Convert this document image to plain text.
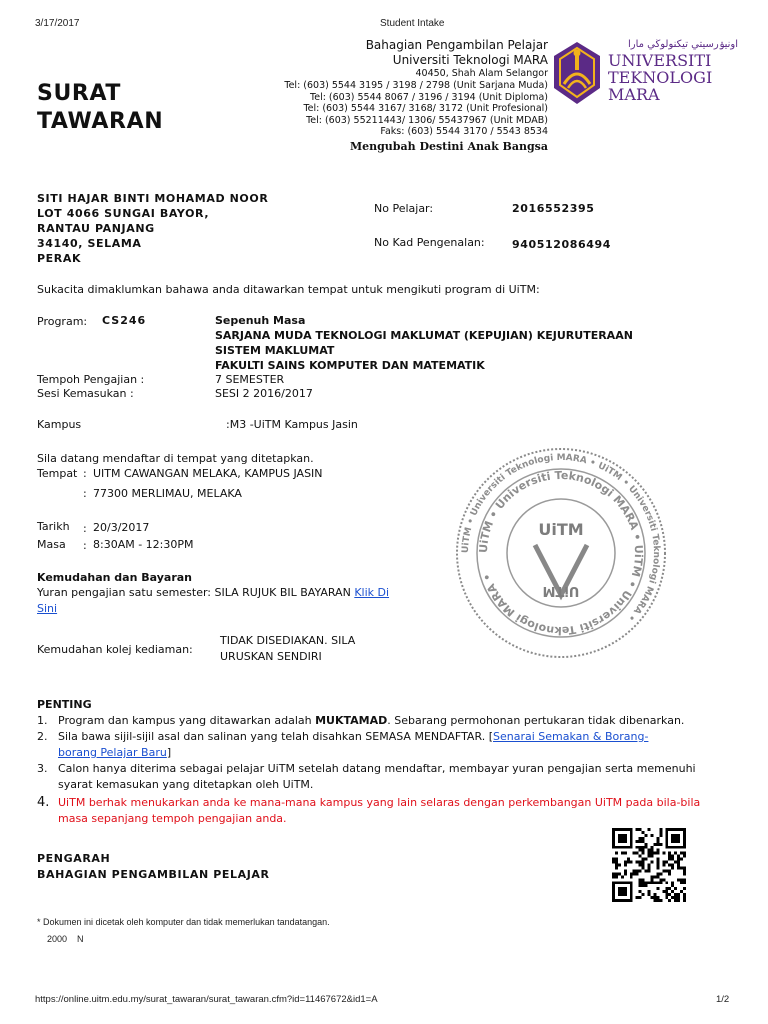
3/17/2017	Student Intake
SURAT
TAWARAN
Bahagian Pengambilan Pelajar
Universiti Teknologi MARA
40450, Shah Alam Selangor
Tel: (603) 5544 3195 / 3198 / 2798 (Unit Sarjana Muda)
Tel: (603) 5544 8067 / 3196 / 3194 (Unit Diploma)
Tel: (603) 5544 3167/ 3168/ 3172 (Unit Profesional)
Tel: (603) 55211443/ 1306/ 55437967 (Unit MDAB)
Faks: (603) 5544 3170 / 5543 8534
Mengubah Destini Anak Bangsa
اونيۏرسيتي تيكنولوڬي مارا
UNIVERSITI
TEKNOLOGI
MARA
SITI HAJAR BINTI MOHAMAD NOOR
LOT 4066 SUNGAI BAYOR,
RANTAU PANJANG
34140, SELAMA
PERAK
No Pelajar:	2016552395
No Kad Pengenalan: 940512086494
Sukacita dimaklumkan bahawa anda ditawarkan tempat untuk mengikuti program di UiTM:
Program: CS246	Sepenuh Masa
SARJANA MUDA TEKNOLOGI MAKLUMAT (KEPUJIAN) KEJURUTERAAN
SISTEM MAKLUMAT
FAKULTI SAINS KOMPUTER DAN MATEMATIK
Tempoh Pengajian :	7 SEMESTER
Sesi Kemasukan :	SESI 2 2016/2017
Kampus	:M3 -UiTM Kampus Jasin
Sila datang mendaftar di tempat yang ditetapkan.
Tempat : UITM CAWANGAN MELAKA, KAMPUS JASIN
: 77300 MERLIMAU, MELAKA
Tarikh : 20/3/2017
Masa : 8:30AM - 12:30PM
Kemudahan dan Bayaran
Yuran pengajian satu semester: SILA RUJUK BIL BAYARAN Klik Di Sini
Kemudahan kolej kediaman:
TIDAK DISEDIAKAN. SILA
URUSKAN SENDIRI
UiTM • Universiti Teknologi MARA • UiTM • Universiti Teknologi MARA •
UiTM • Universiti Teknologi MARA • UiTM • Universiti Teknologi MARA •
UiTM
UiTM
PENTING
1. Program dan kampus yang ditawarkan adalah MUKTAMAD. Sebarang permohonan pertukaran tidak dibenarkan.
2. Sila bawa sijil-sijil asal dan salinan yang telah disahkan SEMASA MENDAFTAR. [Senarai Semakan & Borang-borang Pelajar Baru]
3. Calon hanya diterima sebagai pelajar UiTM setelah datang mendaftar, membayar yuran pengajian serta memenuhi syarat kemasukan yang ditetapkan oleh UiTM.
4. UiTM berhak menukarkan anda ke mana-mana kampus yang lain selaras dengan perkembangan UiTM pada bila-bila masa sepanjang tempoh pengajian anda.
PENGARAH
BAHAGIAN PENGAMBILAN PELAJAR
* Dokumen ini dicetak oleh komputer dan tidak memerlukan tandatangan.
2000    N
https://online.uitm.edu.my/surat_tawaran/surat_tawaran.cfm?id=11467672&id1=A	1/2
